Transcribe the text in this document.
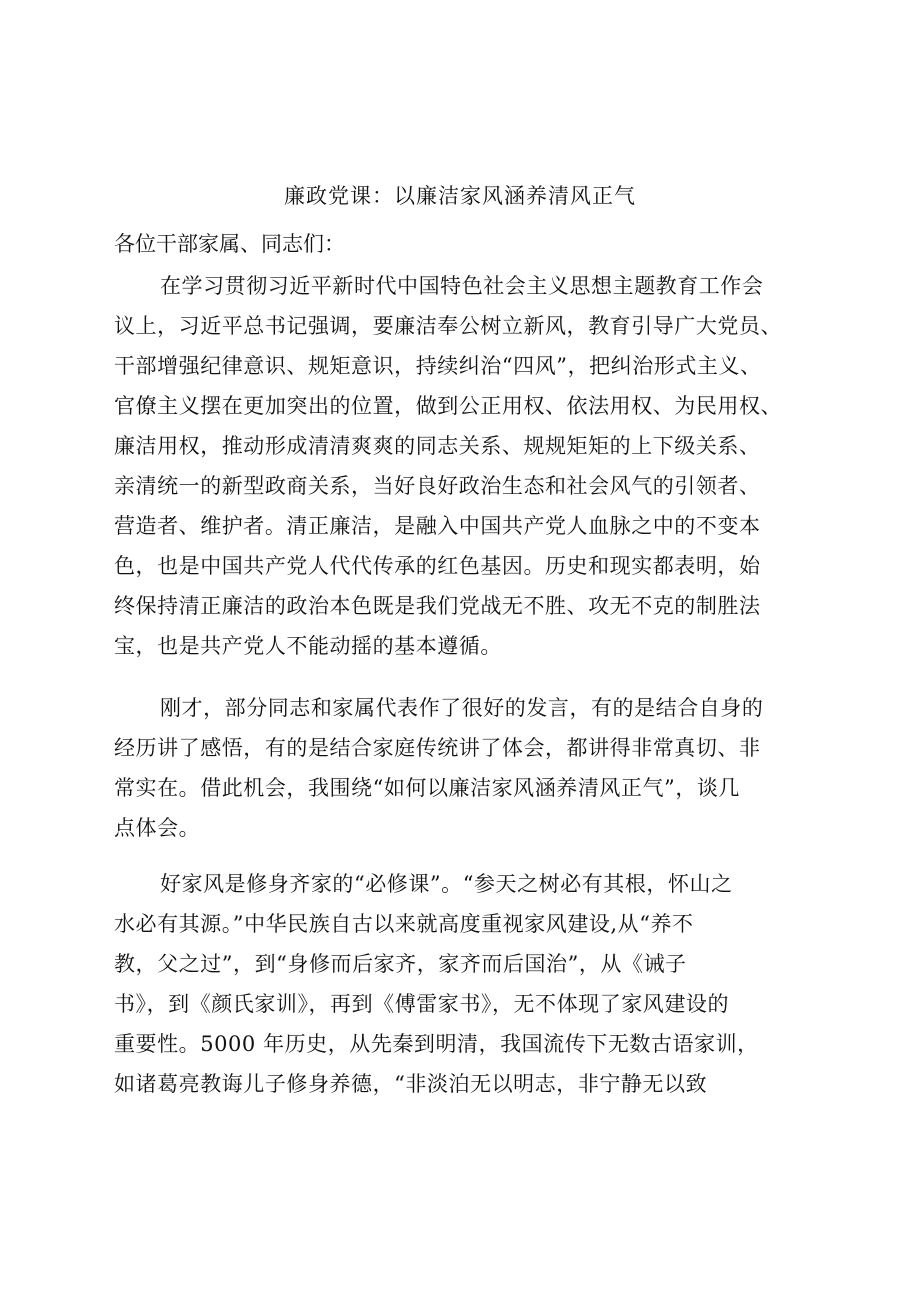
廉政党课：以廉洁家风涵养清风正气

各位干部家属、同志们：

在学习贯彻习近平新时代中国特色社会主义思想主题教育工作会

议上，习近平总书记强调，要廉洁奉公树立新风，教育引导广大党员、

干部增强纪律意识、规矩意识，持续纠治“四风”，把纠治形式主义、

官僚主义摆在更加突出的位置，做到公正用权、依法用权、为民用权、

廉洁用权，推动形成清清爽爽的同志关系、规规矩矩的上下级关系、

亲清统一的新型政商关系，当好良好政治生态和社会风气的引领者、

营造者、维护者。清正廉洁，是融入中国共产党人血脉之中的不变本

色，也是中国共产党人代代传承的红色基因。历史和现实都表明，始

终保持清正廉洁的政治本色既是我们党战无不胜、攻无不克的制胜法

宝，也是共产党人不能动摇的基本遵循。

刚才，部分同志和家属代表作了很好的发言，有的是结合自身的

经历讲了感悟，有的是结合家庭传统讲了体会，都讲得非常真切、非

常实在。借此机会，我围绕“如何以廉洁家风涵养清风正气”，谈几

点体会。

好家风是修身齐家的“必修课”。“参天之树必有其根，怀山之

水必有其源。”中华民族自古以来就高度重视家风建设,从“养不

教，父之过”，到“身修而后家齐，家齐而后国治”，从《诫子

书》，到《颜氏家训》，再到《傅雷家书》，无不体现了家风建设的

重要性。5000 年历史，从先秦到明清，我国流传下无数古语家训，

如诸葛亮教诲儿子修身养德，“非淡泊无以明志，非宁静无以致
